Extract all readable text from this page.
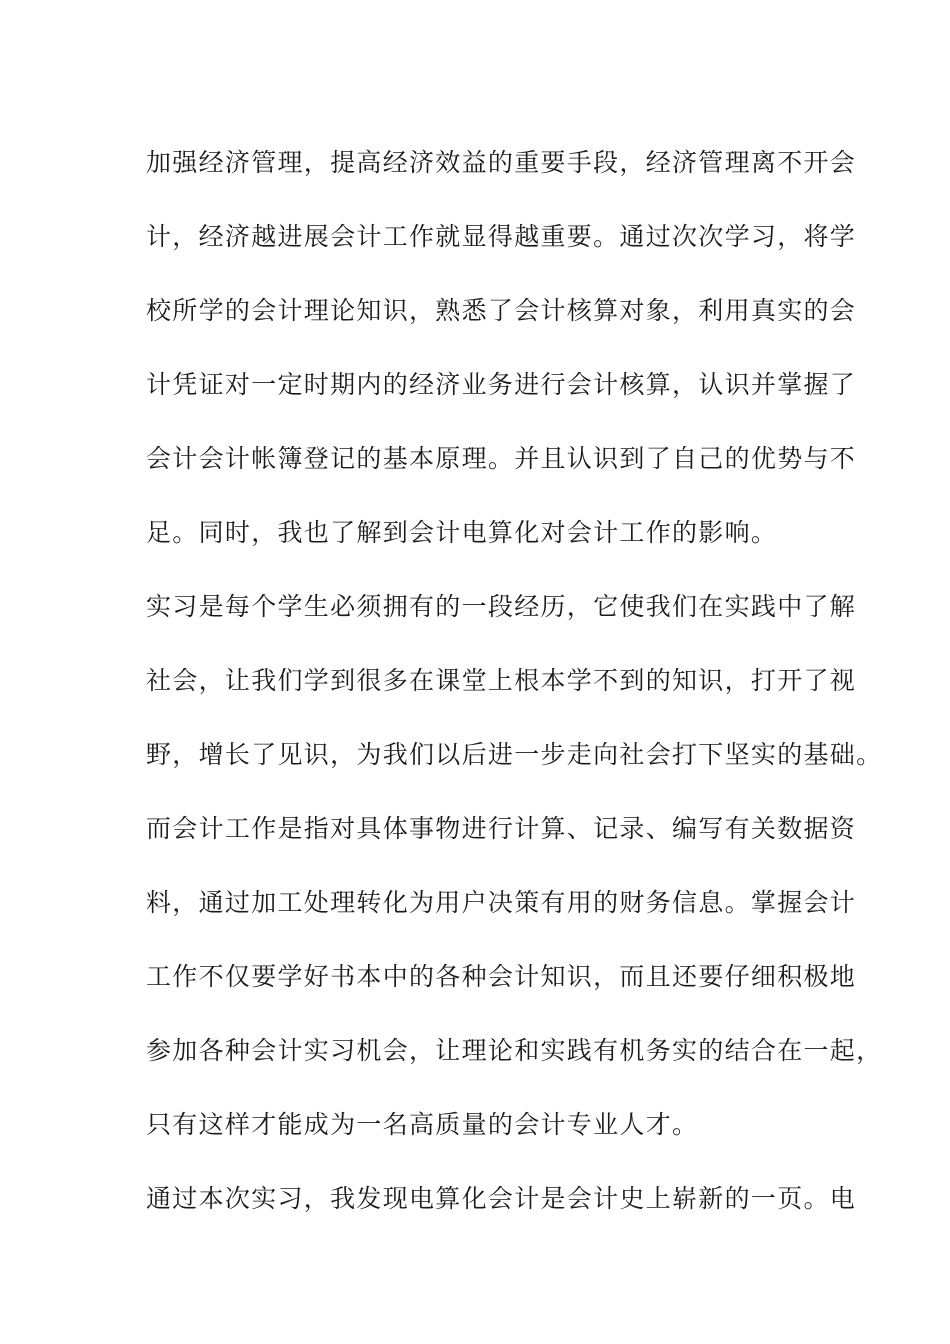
加强经济管理，提高经济效益的重要手段，经济管理离不开会
计，经济越进展会计工作就显得越重要。通过次次学习，将学
校所学的会计理论知识，熟悉了会计核算对象，利用真实的会
计凭证对一定时期内的经济业务进行会计核算，认识并掌握了
会计会计帐簿登记的基本原理。并且认识到了自己的优势与不
足。同时，我也了解到会计电算化对会计工作的影响。
实习是每个学生必须拥有的一段经历，它使我们在实践中了解
社会，让我们学到很多在课堂上根本学不到的知识，打开了视
野，增长了见识，为我们以后进一步走向社会打下坚实的基础。
而会计工作是指对具体事物进行计算、记录、编写有关数据资
料，通过加工处理转化为用户决策有用的财务信息。掌握会计
工作不仅要学好书本中的各种会计知识，而且还要仔细积极地
参加各种会计实习机会，让理论和实践有机务实的结合在一起，
只有这样才能成为一名高质量的会计专业人才。
通过本次实习，我发现电算化会计是会计史上崭新的一页。电
